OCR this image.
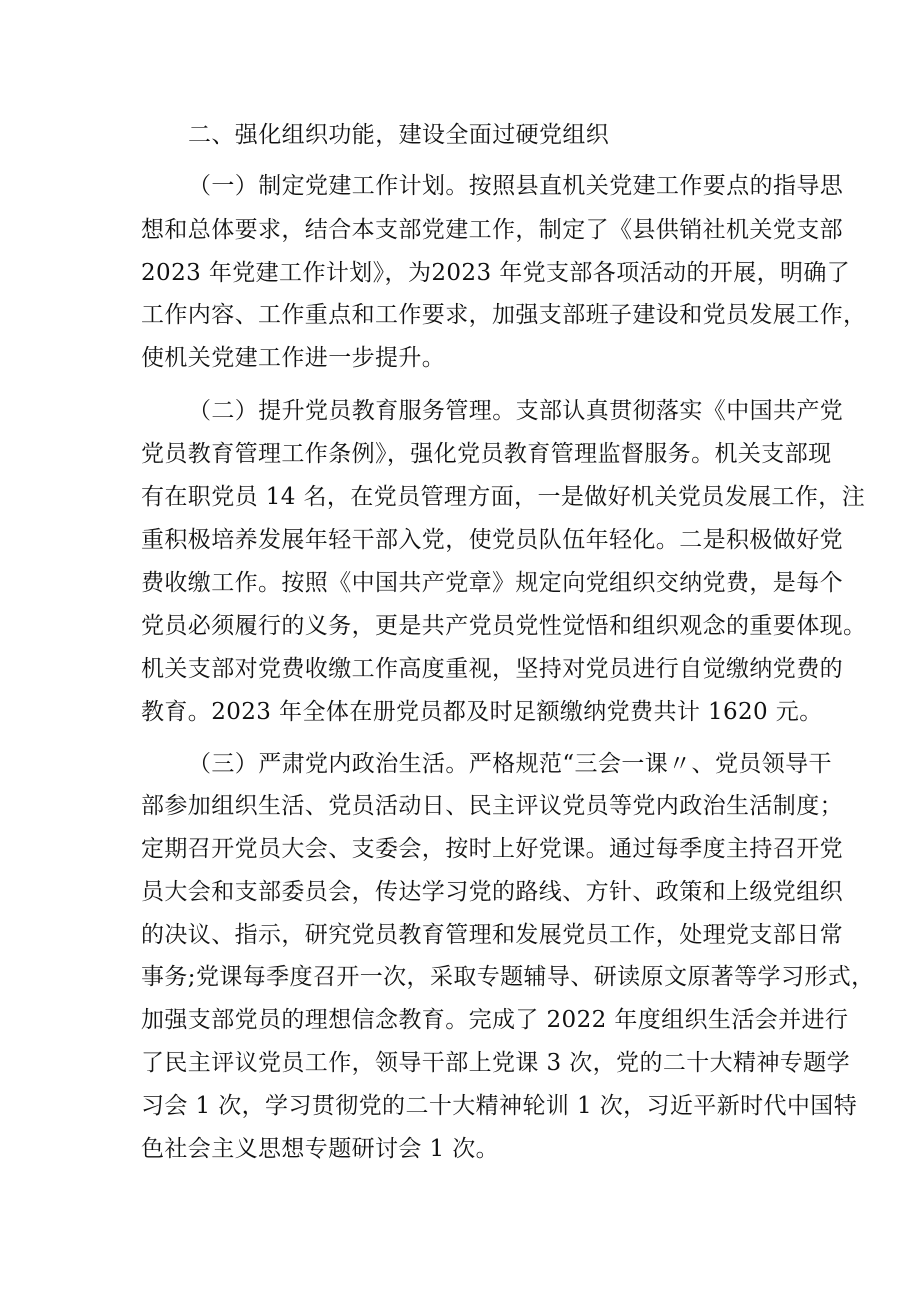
二、强化组织功能，建设全面过硬党组织
（一）制定党建工作计划。按照县直机关党建工作要点的指导思
想和总体要求，结合本支部党建工作，制定了《县供销社机关党支部
2023 年党建工作计划》，为2023 年党支部各项活动的开展，明确了
工作内容、工作重点和工作要求，加强支部班子建设和党员发展工作，
使机关党建工作进一步提升。
（二）提升党员教育服务管理。支部认真贯彻落实《中国共产党
党员教育管理工作条例》，强化党员教育管理监督服务。机关支部现
有在职党员 14 名，在党员管理方面，一是做好机关党员发展工作，注
重积极培养发展年轻干部入党，使党员队伍年轻化。二是积极做好党
费收缴工作。按照《中国共产党章》规定向党组织交纳党费，是每个
党员必须履行的义务，更是共产党员党性觉悟和组织观念的重要体现。
机关支部对党费收缴工作高度重视，坚持对党员进行自觉缴纳党费的
教育。2023 年全体在册党员都及时足额缴纳党费共计 1620 元。
（三）严肃党内政治生活。严格规范“三会一课〃、党员领导干
部参加组织生活、党员活动日、民主评议党员等党内政治生活制度；
定期召开党员大会、支委会，按时上好党课。通过每季度主持召开党
员大会和支部委员会，传达学习党的路线、方针、政策和上级党组织
的决议、指示，研究党员教育管理和发展党员工作，处理党支部日常
事务;党课每季度召开一次，采取专题辅导、研读原文原著等学习形式，
加强支部党员的理想信念教育。完成了 2022 年度组织生活会并进行
了民主评议党员工作，领导干部上党课 3 次，党的二十大精神专题学
习会 1 次，学习贯彻党的二十大精神轮训 1 次，习近平新时代中国特
色社会主义思想专题研讨会 1 次。
